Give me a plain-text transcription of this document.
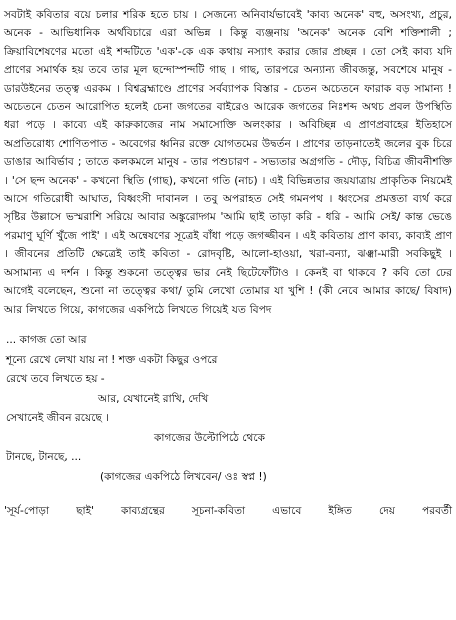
সবটাই কবিতার বয়ে চলার শরিক হতে চায় । সেজন্যে অনিবার্যভাবেই 'কাব্য অনেক' বহু, অসংখ্য, প্রচুর, অনেক - আভিধানিক অর্থবিচারে এরা অভিন্ন । কিন্তু ব্যঞ্জনায় 'অনেক' অনেক বেশি শক্তিশালী ; ক্রিয়াবিশেষণের মতো এই শব্দটিতে 'এক'-কে এক কথায় নস্যাৎ করার জোর প্রচ্ছন্ন । তো সেই কাব্য যদি প্রাণের সমার্থক হয় তবে তার মূল ছন্দোস্পন্দটি গাছ । গাছ, তারপরে অন্যান্য জীবজন্তু, সবশেষে মানুষ - ডারউইনের তত্ত্ব এরকম । বিশ্বব্রহ্মাণ্ডে প্রাণের সর্বব্যাপক বিস্তার - চেতন অচেতনে ফারাক বড় সামান্য ! অচেতনে চেতন আরোপিত হলেই চেনা জগতের বাইরেও আরেক জগতের নিঃশব্দ অথচ প্রবল উপস্থিতি ধরা পড়ে । কাব্যে এই কারুকাজের নাম সমাসোক্তি অলংকার । অবিচ্ছিন্ন এ প্রাণপ্রবাহের ইতিহাসে অপ্রতিরোধ্য শোণিতপাত - অবেগের ধ্বনির রক্তে যোগতমের উদ্বর্তন । প্রাণের তাড়নাতেই জলের বুক চিরে ডাঙার আবির্ভাব ; তাতে কলকমলে মানুষ - তার পশুচারণ - সভ্যতার অগ্রগতি - দৌড়, বিচিত্র জীবনীশক্তি । 'সে ছন্দ অনেক' - কখনো স্থিতি (গাছ), কখনো গতি (নাচ) । এই বিভিন্নতার জয়যাত্রায় প্রাকৃতিক নিয়মেই আসে গতিরোধী আঘাত, বিধ্বংসী দাবানল । তবু অপরাহত সেই গমনপথ । ধ্বংসের প্রমত্ততা ব্যর্থ করে সৃষ্টির উল্লাসে ভস্মরাশি সরিয়ে আবার অঙ্কুরোদ্গম 'আমি ছাই তাড়া করি - ধরি - আমি সেই/ কান্ত ভেঙে পরমাণু ঘূর্ণি খুঁজে পাই' । এই অন্বেষণের সূত্রেই বাঁধা পড়ে জগজ্জীবন । এই কবিতায় প্রাণ কাব্য, কাব্যই প্রাণ । জীবনের প্রতিটি ক্ষেত্রেই তাই কবিতা - রোদবৃষ্টি, আলো-হাওয়া, খরা-বন্যা, ঝঞ্ঝা-মারী সবকিছুই । অসামান্য এ দর্শন । কিন্তু শুকনো তত্ত্বের ভার নেই ছিটেফোঁটাও । কেনই বা থাকবে ? কবি তো ঢের আগেই বলেছেন, শুনো না তত্ত্বের কথা/ তুমি লেখো তোমার যা খুশি ! (কী নেবে আমার কাছে/ বিষাদ) আর লিখতে গিয়ে, কাগজের একপিঠে লিখতে গিয়েই যত বিপদ

... কাগজ তো আর
শূন্যে রেখে লেখা যায় না ! শক্ত একটা কিছুর ওপরে
রেখে তবে লিখতে হয় -
আর, যেখানেই রাখি, দেখি
সেখানেই জীবন রয়েছে ।
কাগজের উল্টোপিঠে থেকে
টানছে, টানছে, ...
(কাগজের একপিঠে লিখবেন/ ওঃ স্বপ্ন !)

'সূর্য-পোড়া ছাই' কাব্যগ্রন্থের সূচনা-কবিতা এভাবে ইঙ্গিত দেয় পরবর্তী
